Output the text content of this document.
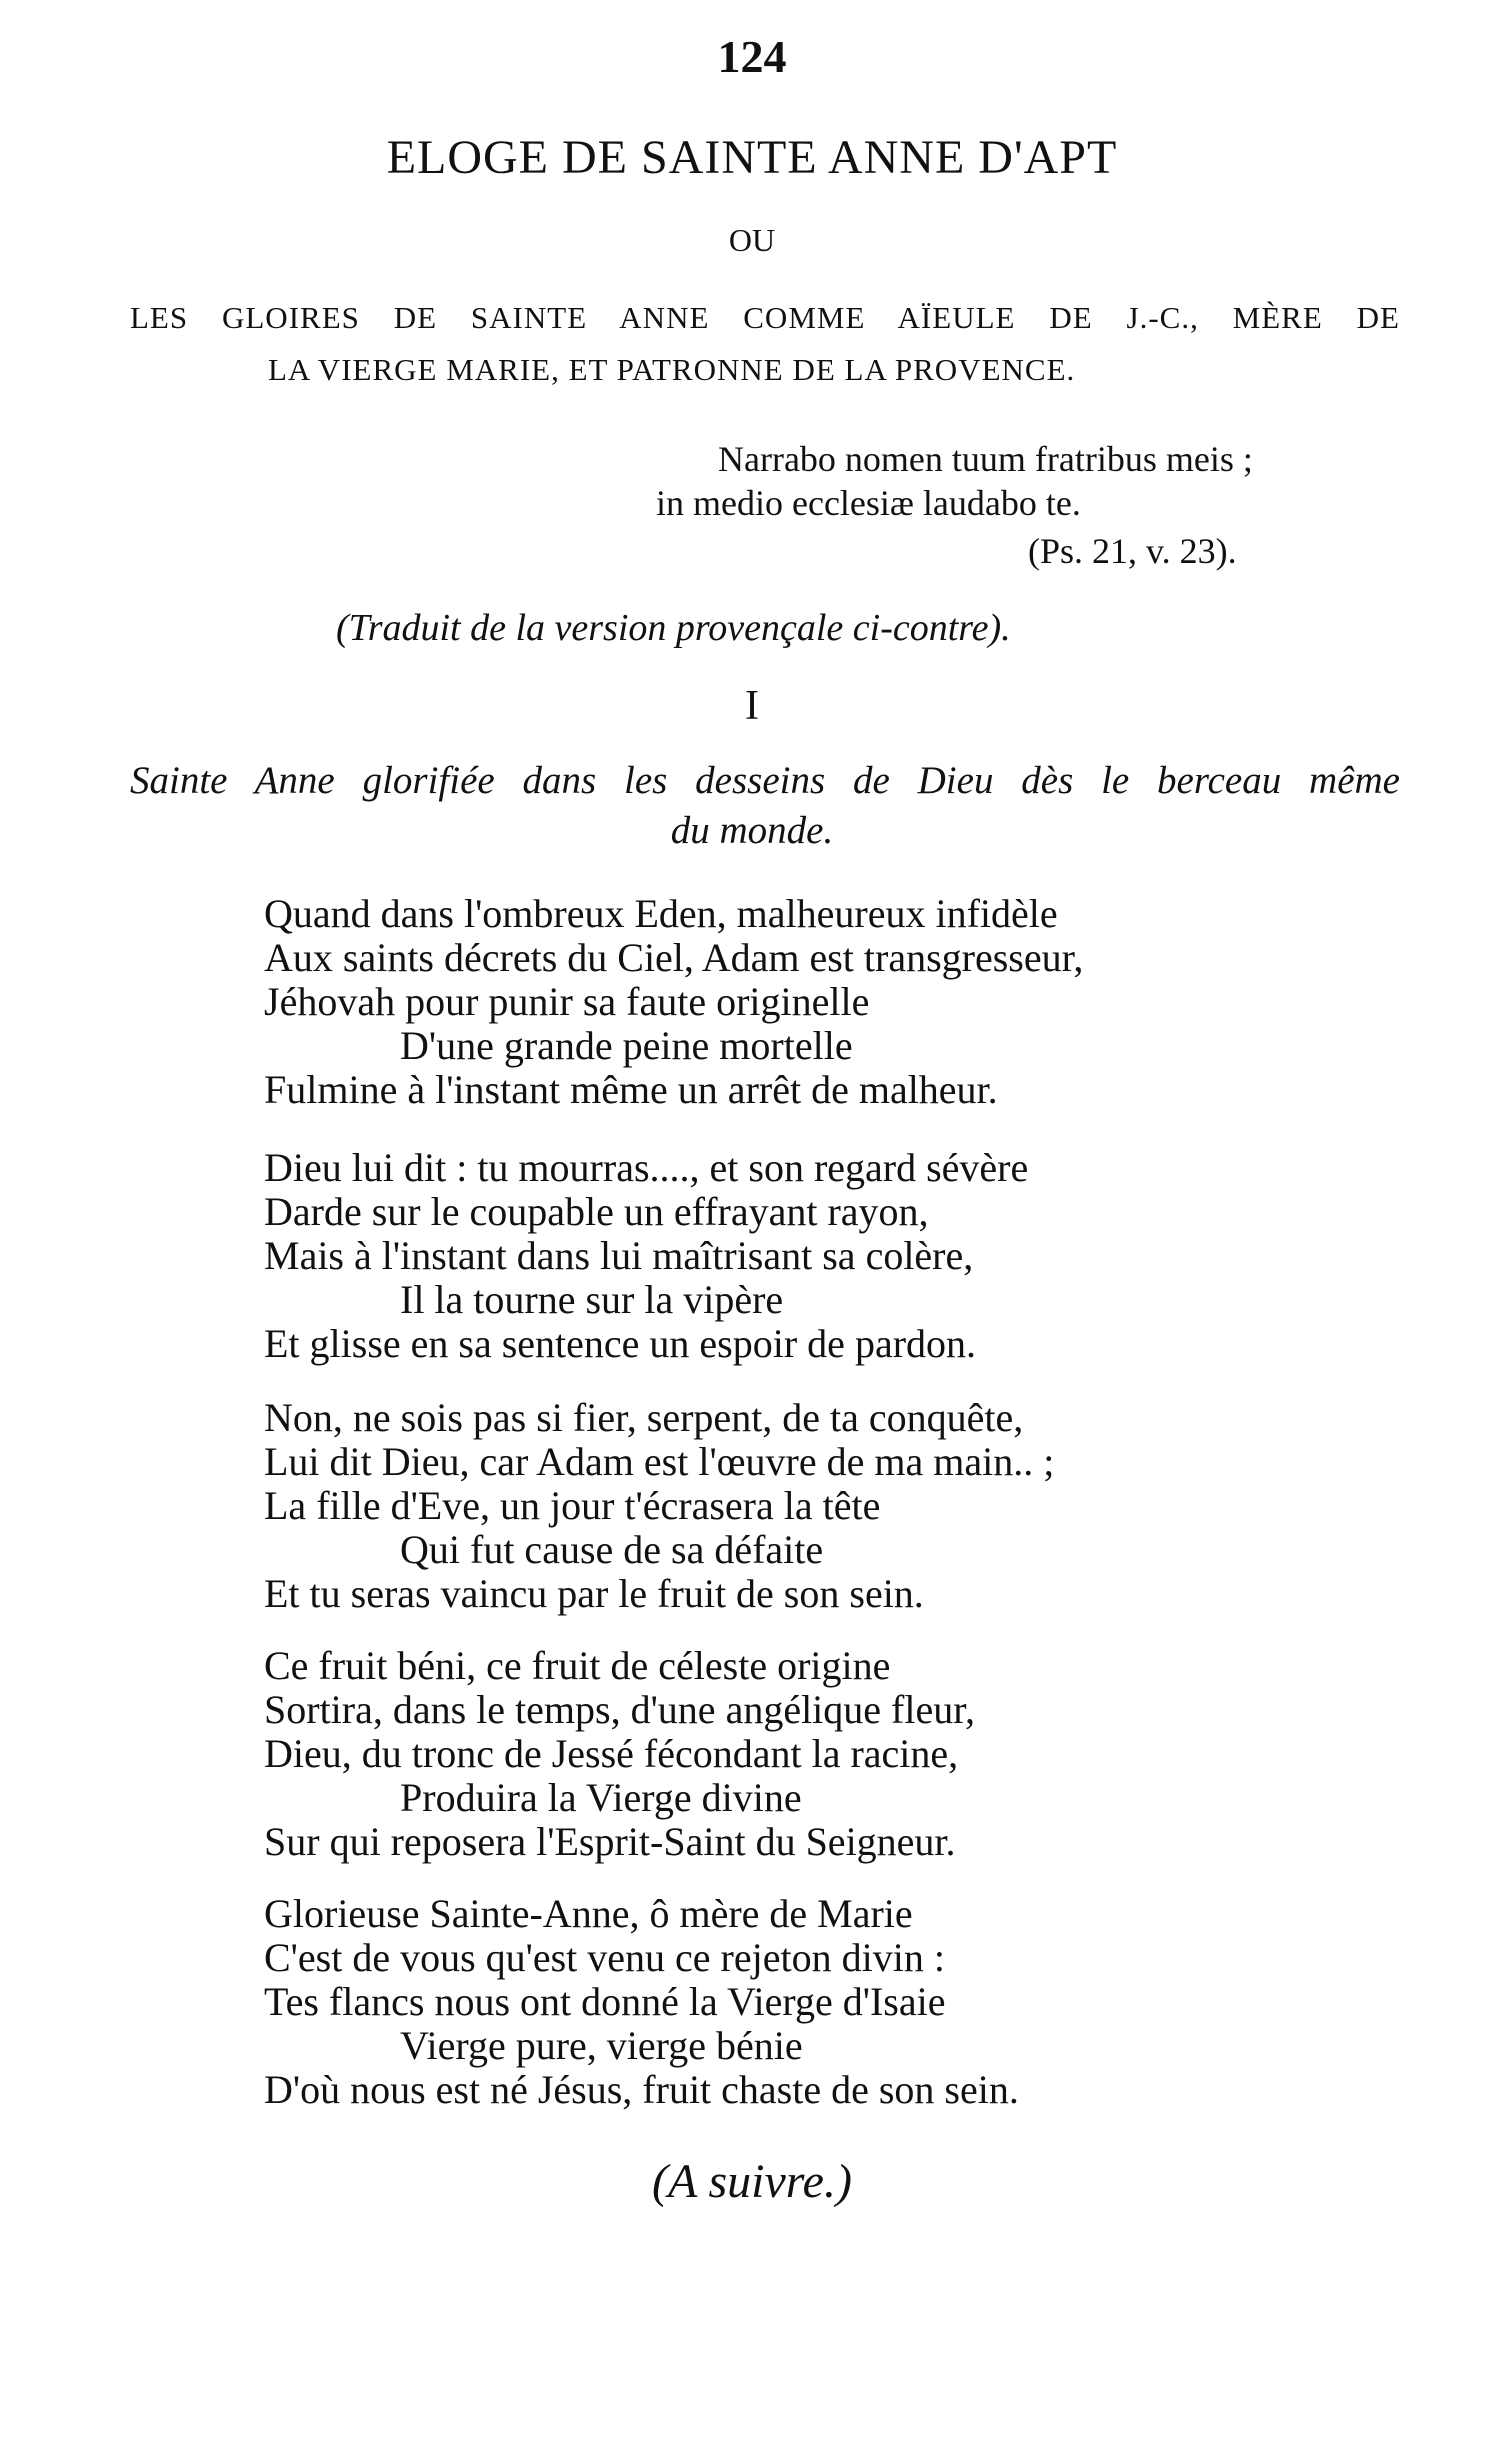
124
ELOGE DE SAINTE ANNE D'APT
OU
LES GLOIRES DE SAINTE ANNE COMME AÏEULE DE J.-C., MÈRE DE
LA VIERGE MARIE, ET PATRONNE DE LA PROVENCE.
Narrabo nomen tuum fratribus meis ;
in medio ecclesiæ laudabo te.
(Ps. 21, v. 23).
(Traduit de la version provençale ci-contre).
I
Sainte Anne glorifiée dans les desseins de Dieu dès le berceau même
du monde.
Quand dans l'ombreux Eden, malheureux infidèle
Aux saints décrets du Ciel, Adam est transgresseur,
Jéhovah pour punir sa faute originelle
D'une grande peine mortelle
Fulmine à l'instant même un arrêt de malheur.
Dieu lui dit : tu mourras...., et son regard sévère
Darde sur le coupable un effrayant rayon,
Mais à l'instant dans lui maîtrisant sa colère,
Il la tourne sur la vipère
Et glisse en sa sentence un espoir de pardon.
Non, ne sois pas si fier, serpent, de ta conquête,
Lui dit Dieu, car Adam est l'œuvre de ma main.. ;
La fille d'Eve, un jour t'écrasera la tête
Qui fut cause de sa défaite
Et tu seras vaincu par le fruit de son sein.
Ce fruit béni, ce fruit de céleste origine
Sortira, dans le temps, d'une angélique fleur,
Dieu, du tronc de Jessé fécondant la racine,
Produira la Vierge divine
Sur qui reposera l'Esprit-Saint du Seigneur.
Glorieuse Sainte-Anne, ô mère de Marie
C'est de vous qu'est venu ce rejeton divin :
Tes flancs nous ont donné la Vierge d'Isaie
Vierge pure, vierge bénie
D'où nous est né Jésus, fruit chaste de son sein.
(A suivre.)
